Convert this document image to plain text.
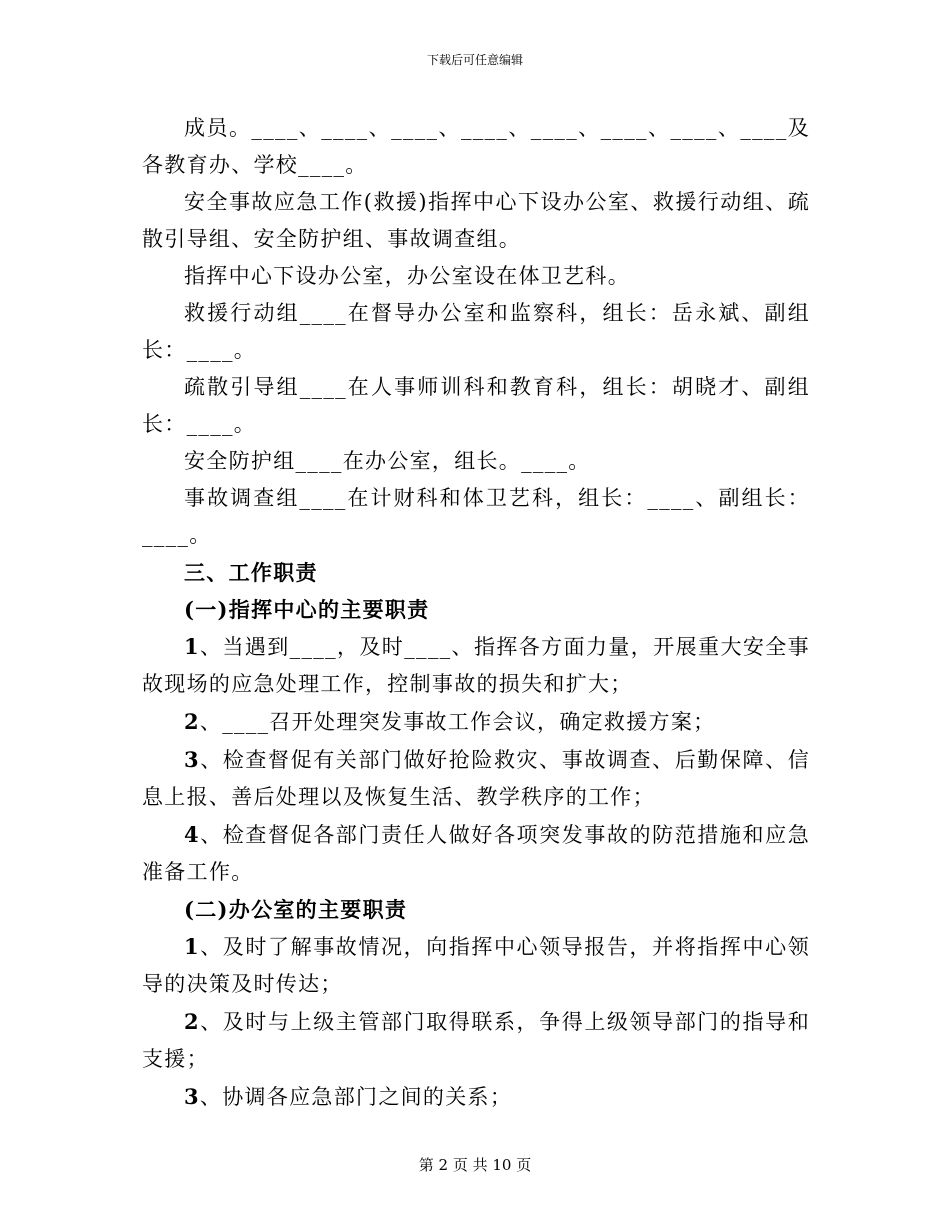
下载后可任意编辑

成员。____、____、____、____、____、____、____、____及各教育办、学校____。

安全事故应急工作(救援)指挥中心下设办公室、救援行动组、疏散引导组、安全防护组、事故调查组。

指挥中心下设办公室，办公室设在体卫艺科。

救援行动组____在督导办公室和监察科，组长：岳永斌、副组长：____。

疏散引导组____在人事师训科和教育科，组长：胡晓才、副组长：____。

安全防护组____在办公室，组长。____。

事故调查组____在计财科和体卫艺科，组长：____、副组长：____。

三、工作职责

(一)指挥中心的主要职责

1、当遇到____，及时____、指挥各方面力量，开展重大安全事故现场的应急处理工作，控制事故的损失和扩大；

2、____召开处理突发事故工作会议，确定救援方案；

3、检查督促有关部门做好抢险救灾、事故调查、后勤保障、信息上报、善后处理以及恢复生活、教学秩序的工作；

4、检查督促各部门责任人做好各项突发事故的防范措施和应急准备工作。

(二)办公室的主要职责

1、及时了解事故情况，向指挥中心领导报告，并将指挥中心领导的决策及时传达；

2、及时与上级主管部门取得联系，争得上级领导部门的指导和支援；

3、协调各应急部门之间的关系；

第 2 页 共 10 页
